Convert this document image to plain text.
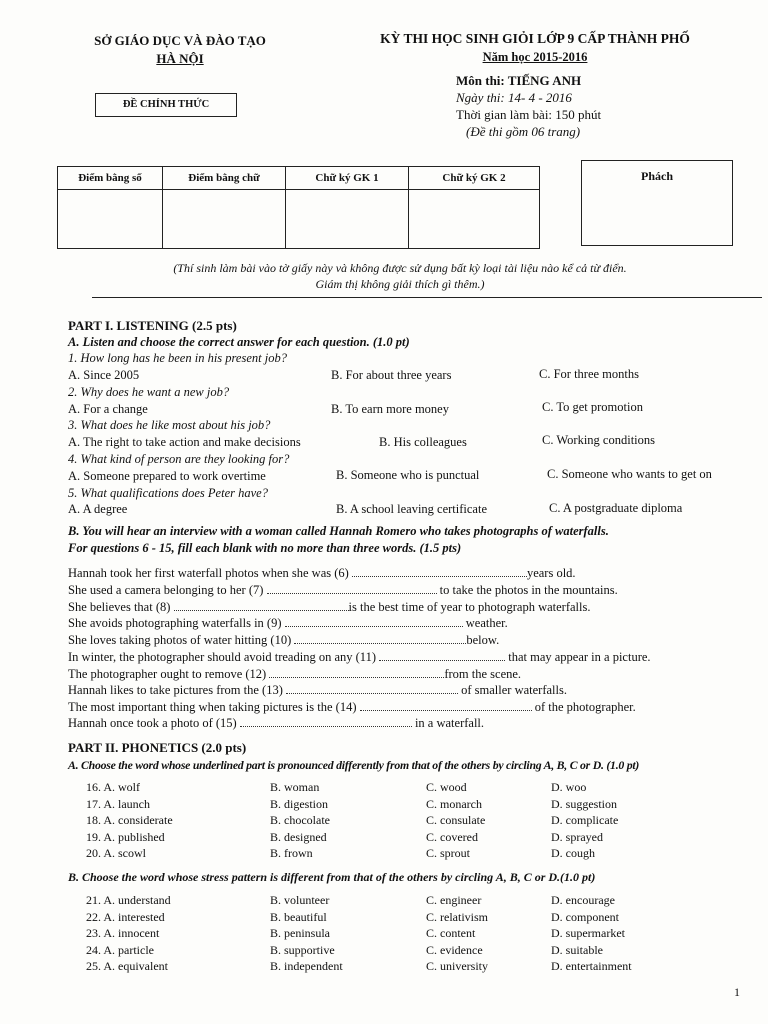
SỞ GIÁO DỤC VÀ ĐÀO TẠO
HÀ NỘI
ĐỀ CHÍNH THỨC
KỲ THI HỌC SINH GIỎI LỚP 9 CẤP THÀNH PHỐ
Năm học 2015-2016
Môn thi: TIẾNG ANH
Ngày thi: 14- 4 - 2016
Thời gian làm bài: 150 phút
(Đề thi gồm 06 trang)
Điểm bằng số	Điểm bằng chữ	Chữ ký GK 1	Chữ ký GK 2
				Phách
(Thí sinh làm bài vào tờ giấy này và không được sử dụng bất kỳ loại tài liệu nào kể cả từ điển.
Giám thị không giải thích gì thêm.)
PART I. LISTENING (2.5 pts)
A. Listen and choose the correct answer for each question. (1.0 pt)
1. How long has he been in his present job?
A. Since 2005	B. For about three years	C. For three months
2. Why does he want a new job?
A. For a change	B. To earn more money	C. To get promotion
3. What does he like most about his job?
A. The right to take action and make decisions	B. His colleagues	C. Working conditions
4. What kind of person are they looking for?
A. Someone prepared to work overtime	B. Someone who is punctual	C. Someone who wants to get on
5. What qualifications does Peter have?
A. A degree	B. A school leaving certificate	C. A postgraduate diploma
B. You will hear an interview with a woman called Hannah Romero who takes photographs of waterfalls.
For questions 6 - 15, fill each blank with no more than three words. (1.5 pts)
Hannah took her first waterfall photos when she was (6)	years old.
She used a camera belonging to her (7)	to take the photos in the mountains.
She believes that (8)	is the best time of year to photograph waterfalls.
She avoids photographing waterfalls in (9)	weather.
She loves taking photos of water hitting (10)	below.
In winter, the photographer should avoid treading on any (11)	that may appear in a picture.
The photographer ought to remove (12)	from the scene.
Hannah likes to take pictures from the (13)	of smaller waterfalls.
The most important thing when taking pictures is the (14)	of the photographer.
Hannah once took a photo of (15)	in a waterfall.
PART II. PHONETICS (2.0 pts)
A. Choose the word whose underlined part is pronounced differently from that of the others by circling A, B, C or D. (1.0 pt)
16. A. wolf	B. woman	C. wood	D. woo
17. A. launch	B. digestion	C. monarch	D. suggestion
18. A. considerate	B. chocolate	C. consulate	D. complicate
19. A. published	B. designed	C. covered	D. sprayed
20. A. scowl	B. frown	C. sprout	D. cough
B. Choose the word whose stress pattern is different from that of the others by circling A, B, C or D.(1.0 pt)
21. A. understand	B. volunteer	C. engineer	D. encourage
22. A. interested	B. beautiful	C. relativism	D. component
23. A. innocent	B. peninsula	C. content	D. supermarket
24. A. particle	B. supportive	C. evidence	D. suitable
25. A. equivalent	B. independent	C. university	D. entertainment
1
